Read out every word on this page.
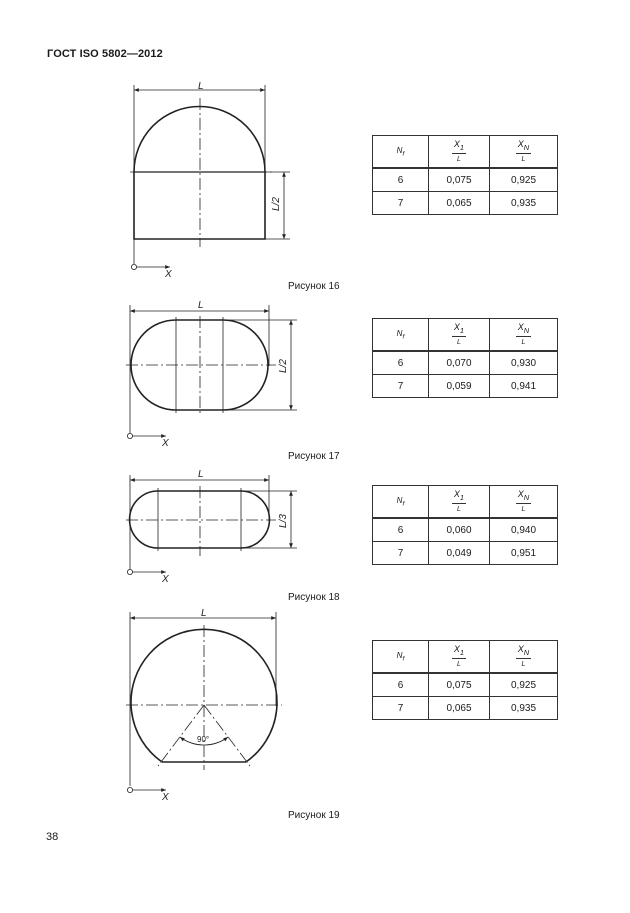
ГОСТ ISO 5802—2012
L
L/2
X
L
L/2
X
L
L/3
X
L
90°
X
Рисунок 16
Рисунок 17
Рисунок 18
Рисунок 19
$N_f$	$\frac{X_1}{L}$	$\frac{X_N}{L}$

6	0,075	0,925
7	0,065	0,935
$N_f$	$\frac{X_1}{L}$	$\frac{X_N}{L}$

6	0,070	0,930
7	0,059	0,941
$N_f$	$\frac{X_1}{L}$	$\frac{X_N}{L}$

6	0,060	0,940
7	0,049	0,951
$N_f$	$\frac{X_1}{L}$	$\frac{X_N}{L}$

6	0,075	0,925
7	0,065	0,935
38
